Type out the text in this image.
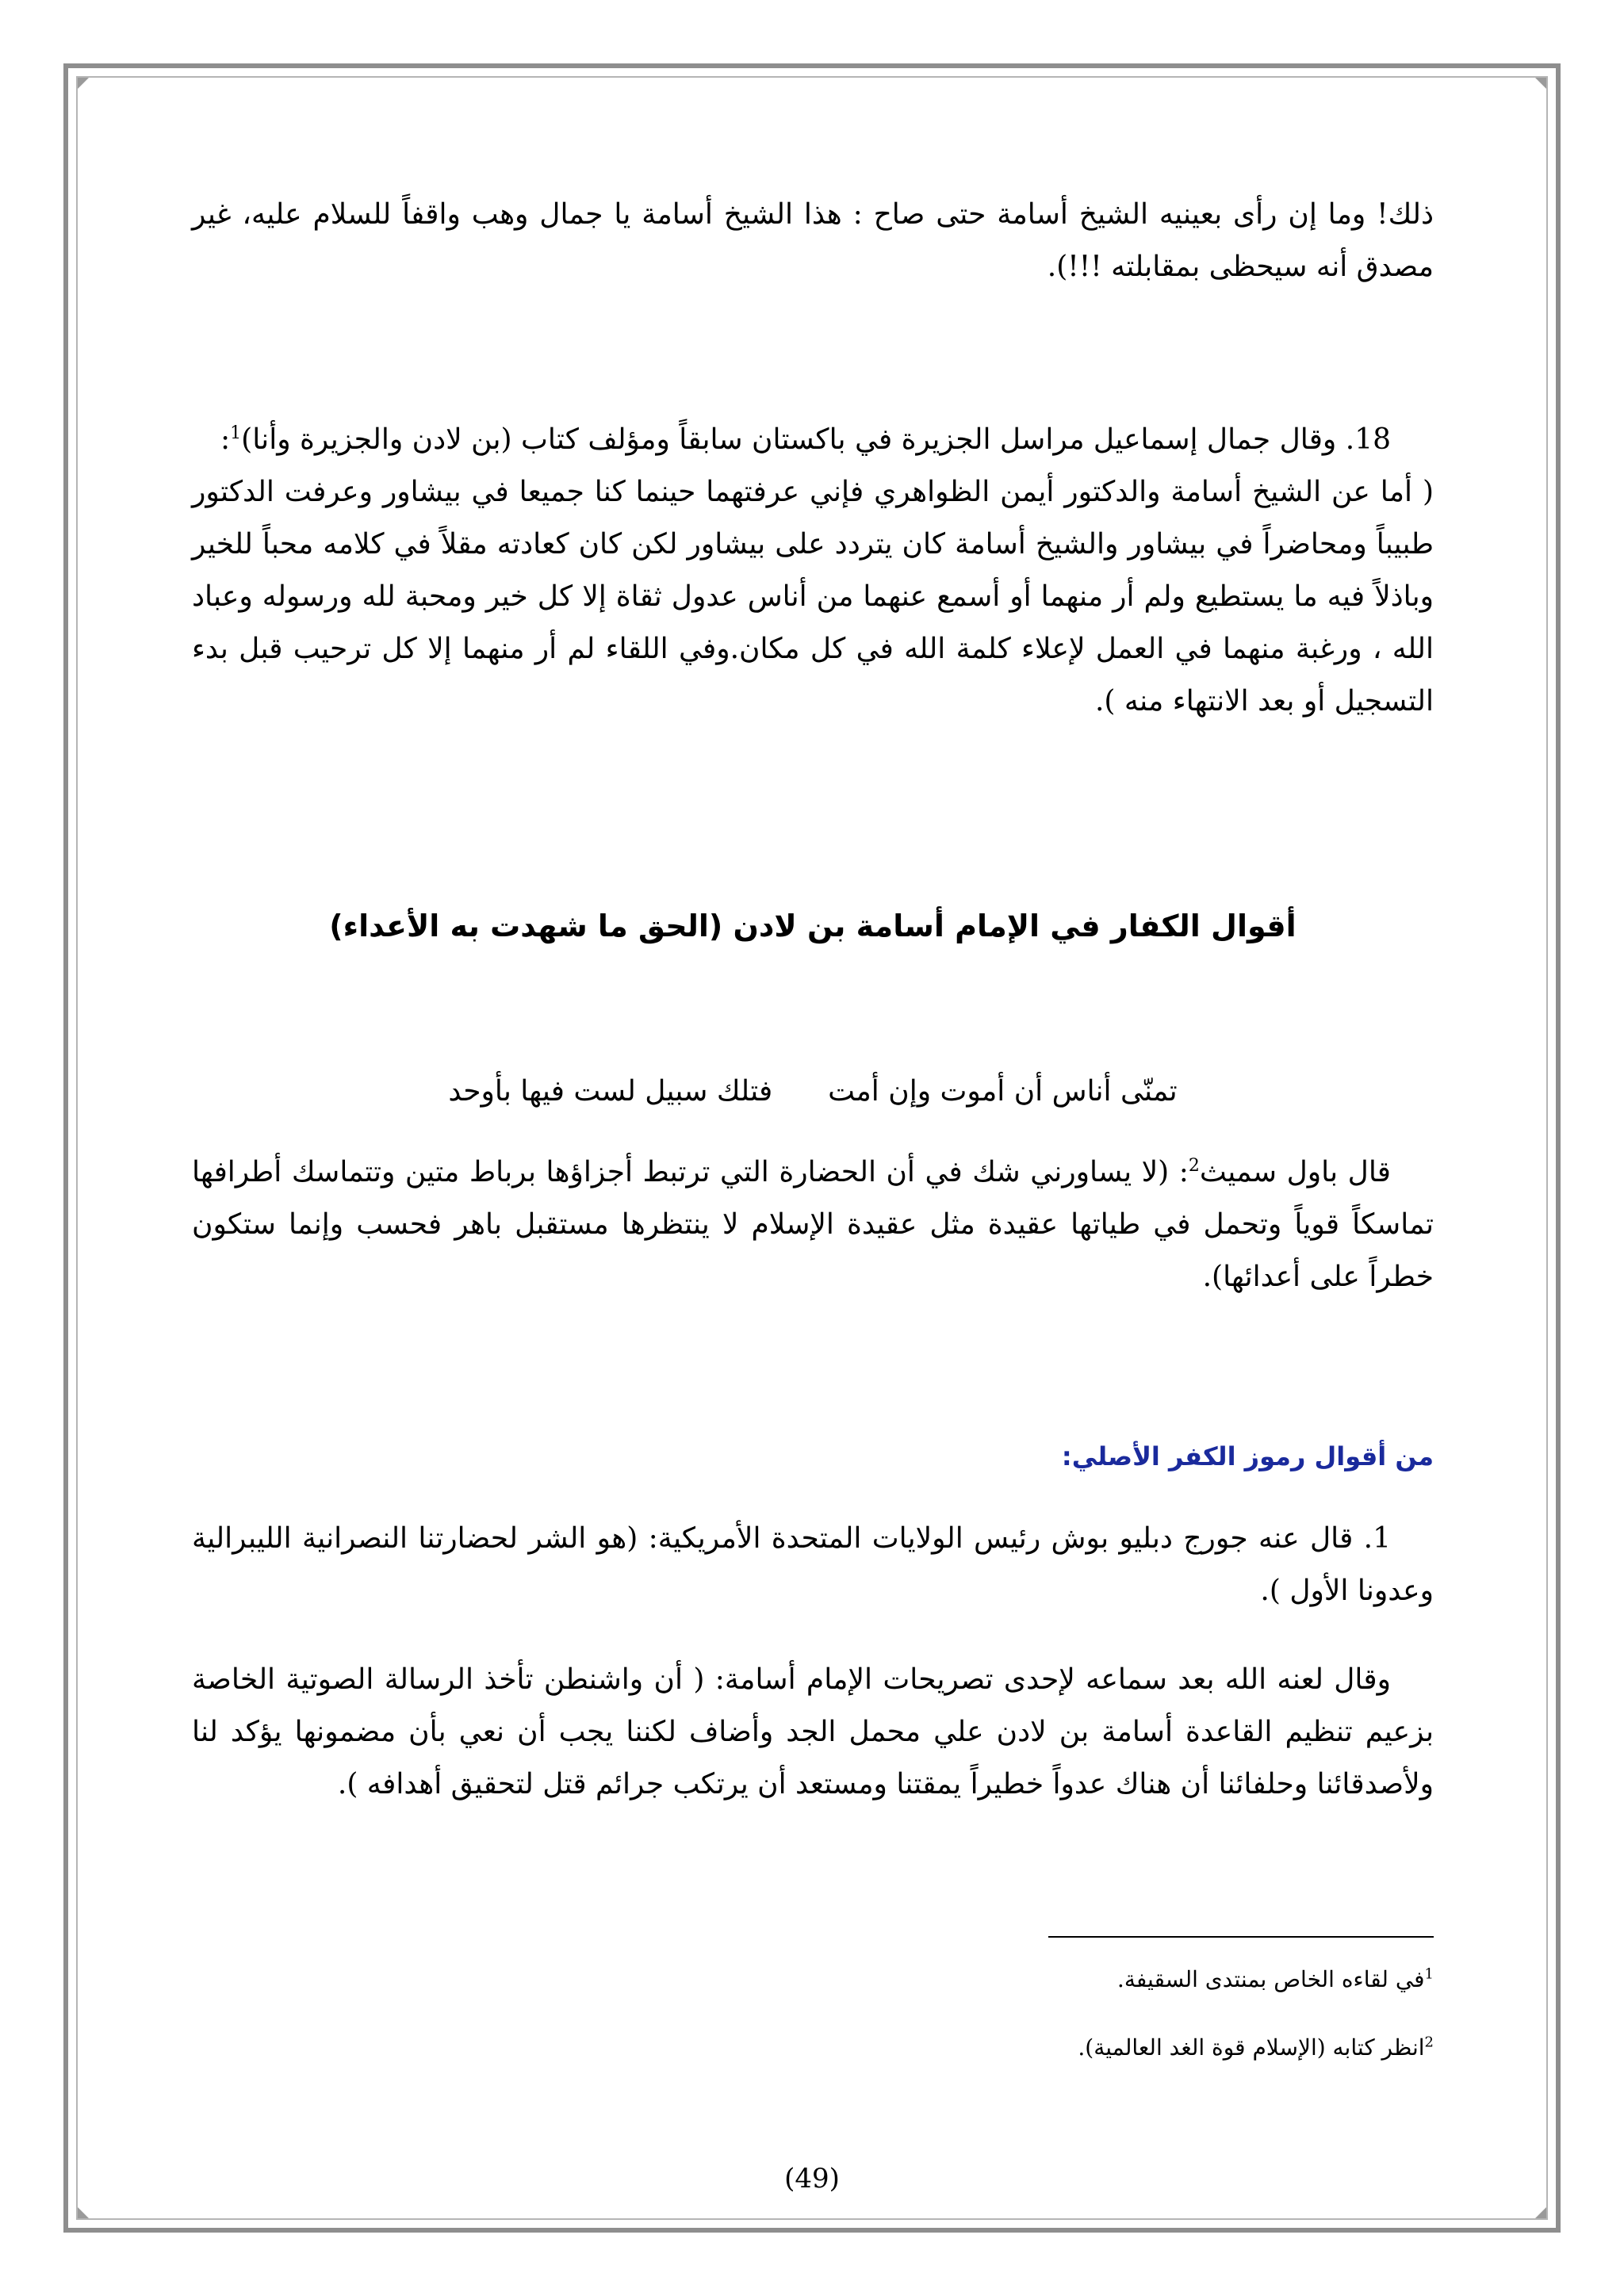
ذلك! وما إن رأى بعينيه الشيخ أسامة حتى صاح : هذا الشيخ أسامة يا جمال وهب واقفاً للسلام عليه، غير مصدق أنه سيحظى بمقابلته !!!).

18. وقال جمال إسماعيل مراسل الجزيرة في باكستان سابقاً ومؤلف كتاب (بن لادن والجزيرة وأنا)$^1$:

( أما عن الشيخ أسامة والدكتور أيمن الظواهري فإني عرفتهما حينما كنا جميعا في بيشاور وعرفت الدكتور طبيباً ومحاضراً في بيشاور والشيخ أسامة كان يتردد على بيشاور لكن كان كعادته مقلاً في كلامه محباً للخير وباذلاً فيه ما يستطيع ولم أر منهما أو أسمع عنهما من أناس عدول ثقاة إلا كل خير ومحبة لله ورسوله وعباد الله ، ورغبة منهما في العمل لإعلاء كلمة الله في كل مكان.وفي اللقاء لم أر منهما إلا كل ترحيب قبل بدء التسجيل أو بعد الانتهاء منه ).

أقوال الكفار في الإمام أسامة بن لادن (الحق ما شهدت به الأعداء)
تمنّى أناس أن أموت وإن أمت
فتلك سبيل لست فيها بأوحد

قال باول سميث$^2$: (لا يساورني شك في أن الحضارة التي ترتبط أجزاؤها برباط متين وتتماسك أطرافها تماسكاً قوياً وتحمل في طياتها عقيدة مثل عقيدة الإسلام لا ينتظرها مستقبل باهر فحسب وإنما ستكون خطراً على أعدائها).

من أقوال رموز الكفر الأصلي:

1. قال عنه جورج دبليو بوش رئيس الولايات المتحدة الأمريكية: (هو الشر لحضارتنا النصرانية الليبرالية وعدونا الأول ).

وقال لعنه الله بعد سماعه لإحدى تصريحات الإمام أسامة: ( أن واشنطن تأخذ الرسالة الصوتية الخاصة بزعيم تنظيم القاعدة أسامة بن لادن علي محمل الجد وأضاف لكننا يجب أن نعي بأن مضمونها يؤكد لنا ولأصدقائنا وحلفائنا أن هناك عدواً خطيراً يمقتنا ومستعد أن يرتكب جرائم قتل لتحقيق أهدافه ).

$^1$في لقاءه الخاص بمنتدى السقيفة.
$^2$انظر كتابه (الإسلام قوة الغد العالمية).
(49)
